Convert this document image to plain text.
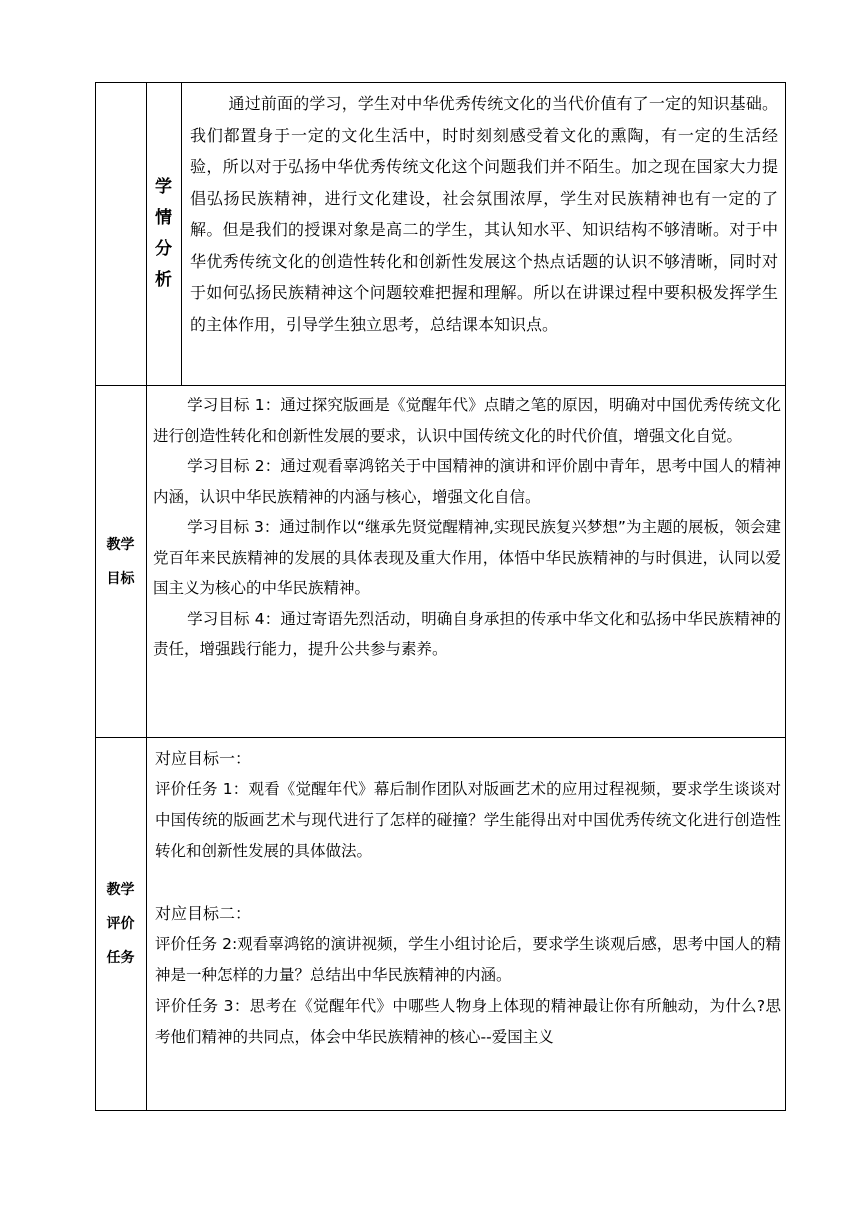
学
情
分
析
通过前面的学习，学生对中华优秀传统文化的当代价值有了一定的知识基础。我们都置身于一定的文化生活中，时时刻刻感受着文化的熏陶，有一定的生活经验，所以对于弘扬中华优秀传统文化这个问题我们并不陌生。加之现在国家大力提倡弘扬民族精神，进行文化建设，社会氛围浓厚，学生对民族精神也有一定的了解。但是我们的授课对象是高二的学生，其认知水平、知识结构不够清晰。对于中华优秀传统文化的创造性转化和创新性发展这个热点话题的认识不够清晰，同时对于如何弘扬民族精神这个问题较难把握和理解。所以在讲课过程中要积极发挥学生的主体作用，引导学生独立思考，总结课本知识点。
教学
目标

学习目标 1：通过探究版画是《觉醒年代》点睛之笔的原因，明确对中国优秀传统文化进行创造性转化和创新性发展的要求，认识中国传统文化的时代价值，增强文化自觉。

学习目标 2：通过观看辜鸿铭关于中国精神的演讲和评价剧中青年，思考中国人的精神内涵，认识中华民族精神的内涵与核心，增强文化自信。

学习目标 3：通过制作以“继承先贤觉醒精神,实现民族复兴梦想”为主题的展板，领会建党百年来民族精神的发展的具体表现及重大作用，体悟中华民族精神的与时俱进，认同以爱国主义为核心的中华民族精神。

学习目标 4：通过寄语先烈活动，明确自身承担的传承中华文化和弘扬中华民族精神的责任，增强践行能力，提升公共参与素养。

教学
评价
任务

对应目标一：

评价任务 1：观看《觉醒年代》幕后制作团队对版画艺术的应用过程视频，要求学生谈谈对中国传统的版画艺术与现代进行了怎样的碰撞？学生能得出对中国优秀传统文化进行创造性转化和创新性发展的具体做法。

对应目标二：

评价任务 2:观看辜鸿铭的演讲视频，学生小组讨论后，要求学生谈观后感，思考中国人的精神是一种怎样的力量？总结出中华民族精神的内涵。

评价任务 3：思考在《觉醒年代》中哪些人物身上体现的精神最让你有所触动，为什么?思考他们精神的共同点，体会中华民族精神的核心--爱国主义
